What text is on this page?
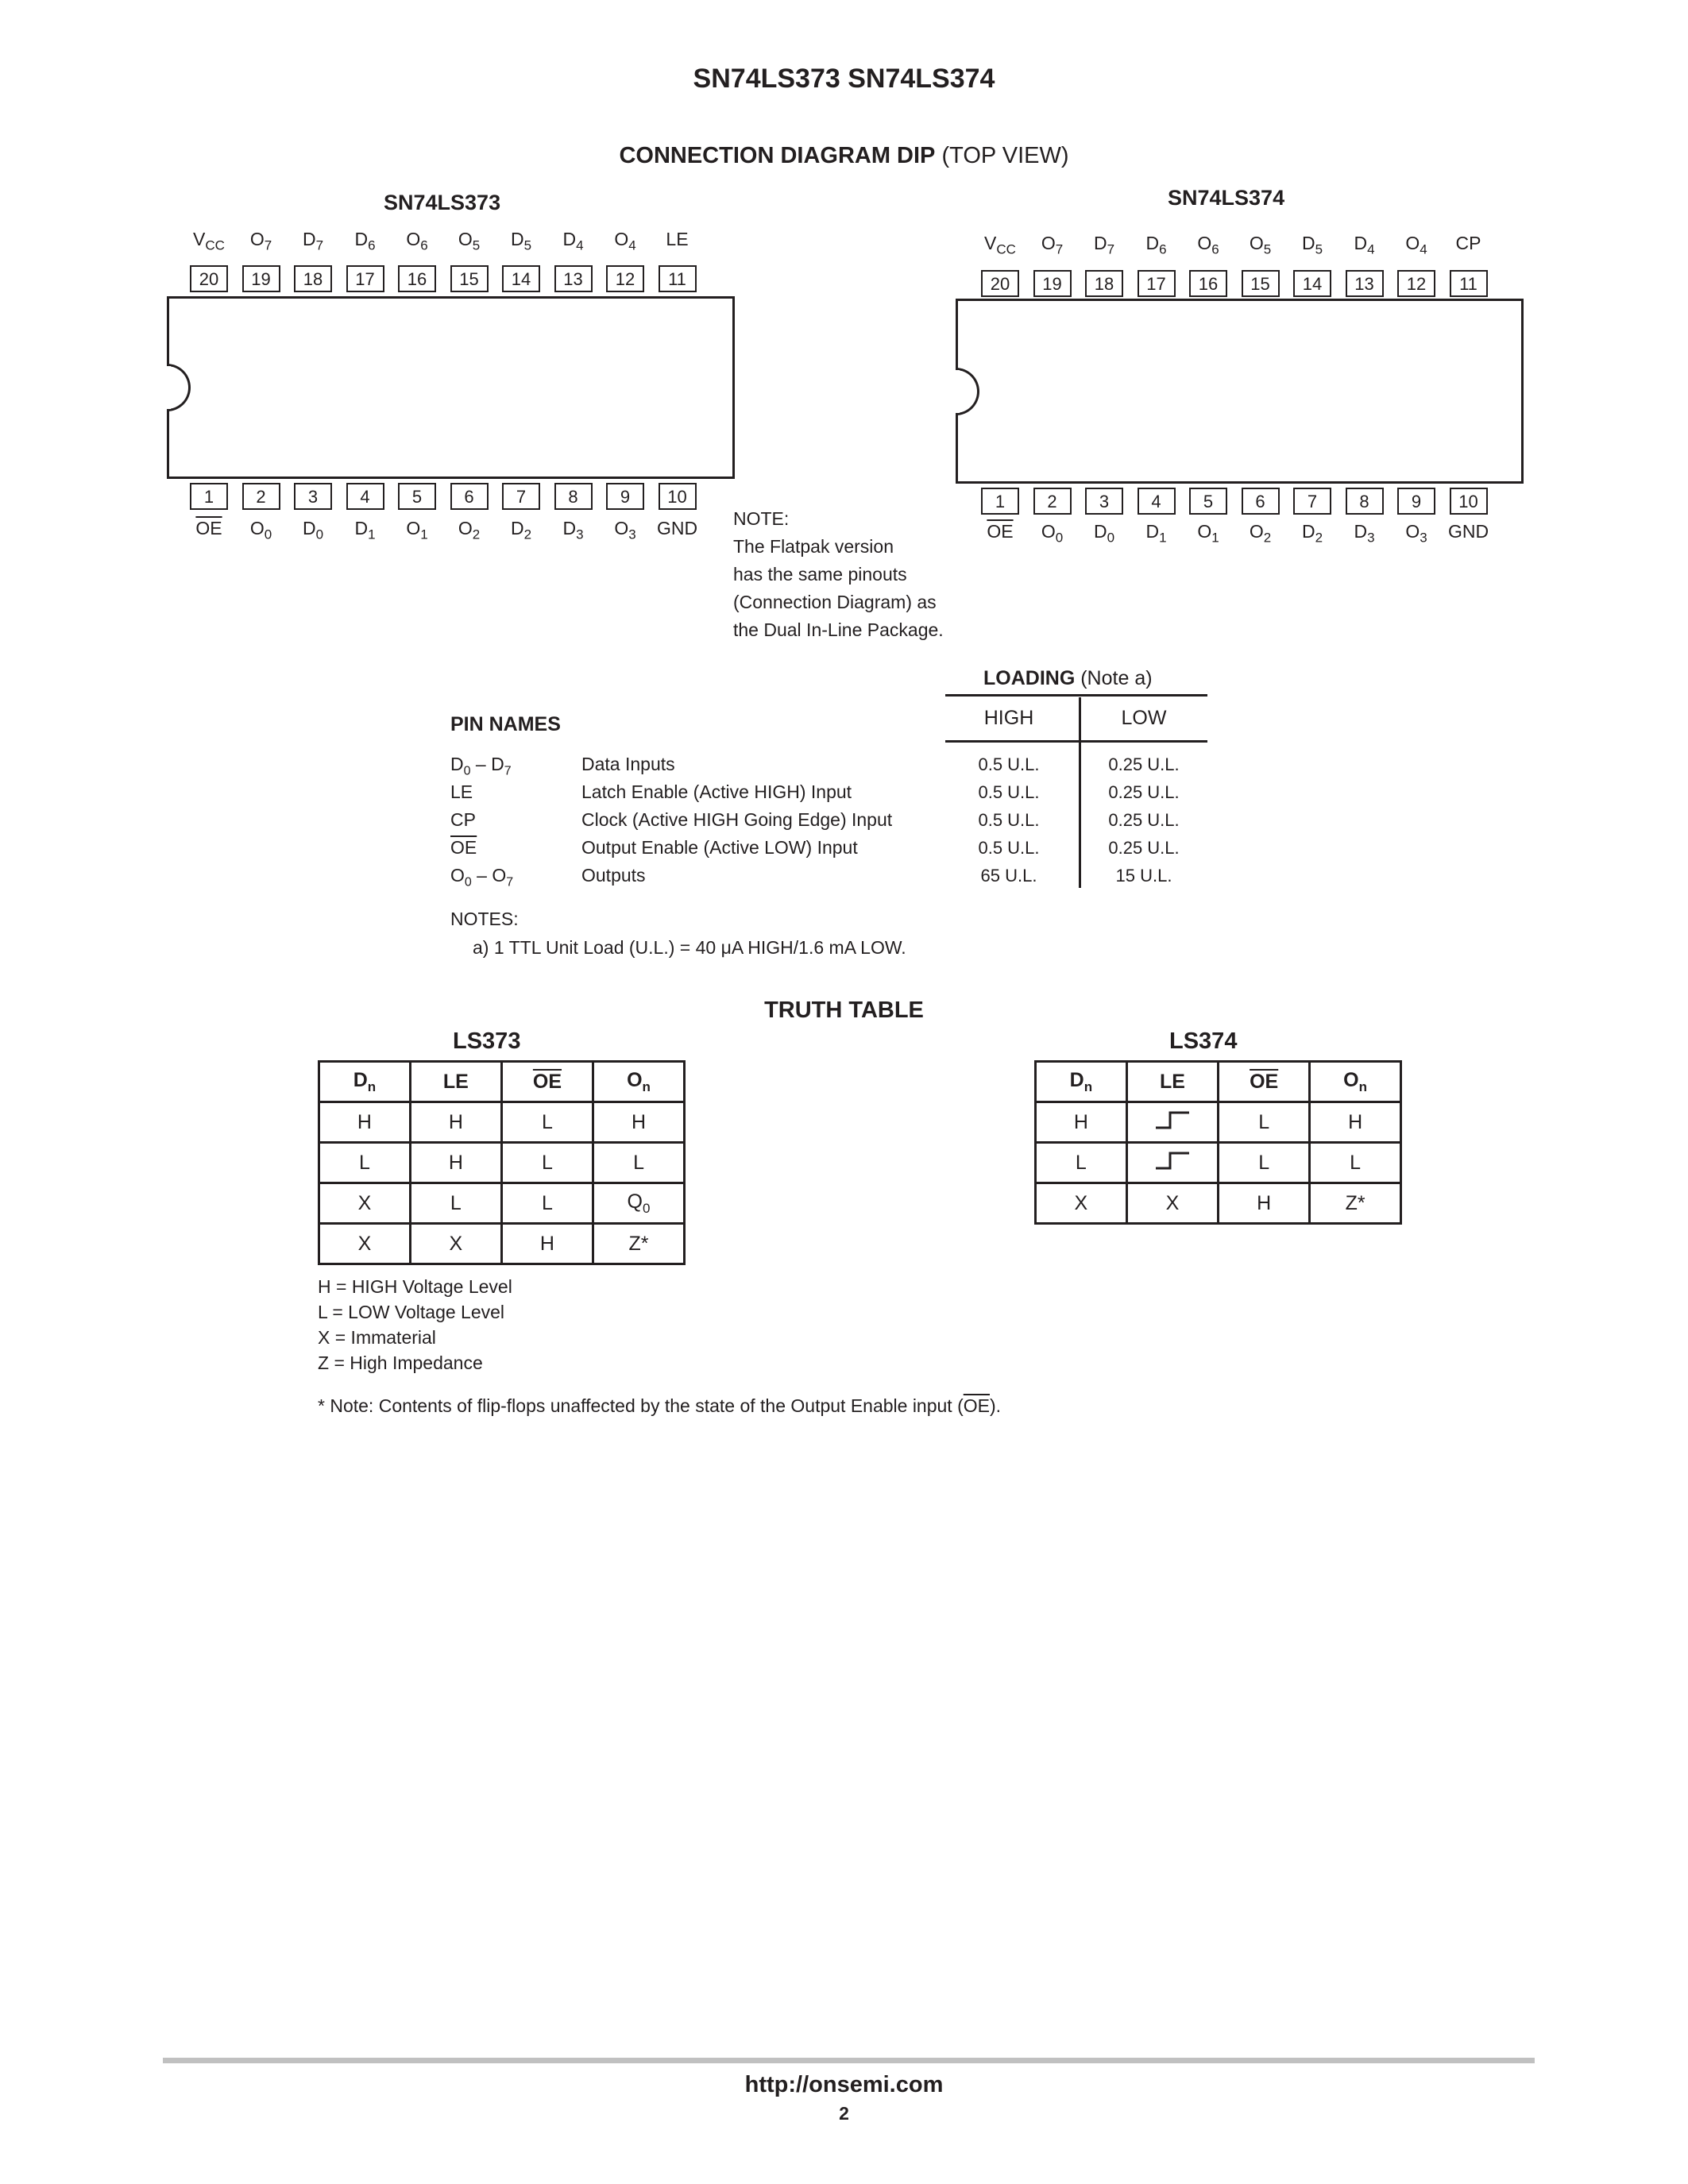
SN74LS373 SN74LS374
CONNECTION DIAGRAM DIP (TOP VIEW)
SN74LS373
20
$V_{CC}$
19
$O_7$
18
$D_7$
17
$D_6$
16
$O_6$
15
$O_5$
14
$D_5$
13
$D_4$
12
$O_4$
11
LE
1
$\overline{OE}$
2
$O_0$
3
$D_0$
4
$D_1$
5
$O_1$
6
$O_2$
7
$D_2$
8
$D_3$
9
$O_3$
10
GND
SN74LS374
20
$V_{CC}$
19
$O_7$
18
$D_7$
17
$D_6$
16
$O_6$
15
$O_5$
14
$D_5$
13
$D_4$
12
$O_4$
11
CP
1
$\overline{OE}$
2
$O_0$
3
$D_0$
4
$D_1$
5
$O_1$
6
$O_2$
7
$D_2$
8
$D_3$
9
$O_3$
10
GND
NOTE:
The Flatpak version
has the same pinouts
(Connection Diagram) as
the Dual In-Line Package.
LOADING (Note a)
HIGH	LOW
PIN NAMES
$D_0 - D_7$	Data Inputs	0.5 U.L.	0.25 U.L.
LE	Latch Enable (Active HIGH) Input	0.5 U.L.	0.25 U.L.
CP	Clock (Active HIGH Going Edge) Input	0.5 U.L.	0.25 U.L.
$\overline{OE}$	Output Enable (Active LOW) Input	0.5 U.L.	0.25 U.L.
$O_0 - O_7$	Outputs	65 U.L.	15 U.L.
NOTES:
a) 1 TTL Unit Load (U.L.) = 40 μA HIGH/1.6 mA LOW.
TRUTH TABLE
LS373	LS374
$D_n$	LE	$\overline{OE}$	$O_n$
H	H	L	H
L	H	L	L
X	L	L	$Q_0$
X	X	H	Z*
$D_n$	LE	$\overline{OE}$	$O_n$
H		L	H
L		L	L
X	X	H	Z*
H = HIGH Voltage Level
L = LOW Voltage Level
X = Immaterial
Z = High Impedance
* Note: Contents of flip-flops unaffected by the state of the Output Enable input $(\overline{OE})$.
http://onsemi.com
2
